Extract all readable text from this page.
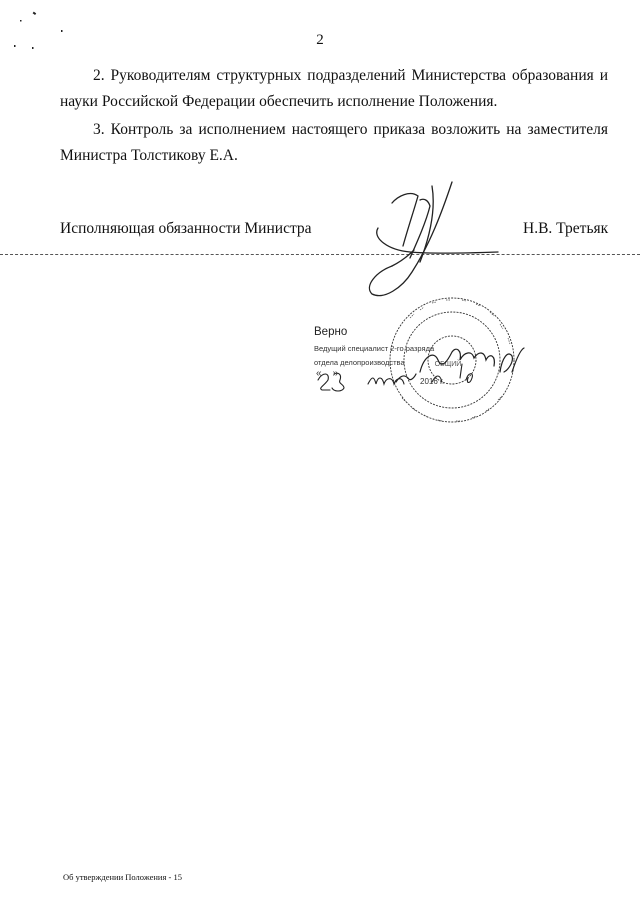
2
2. Руководителям структурных подразделений Министерства образования и науки Российской Федерации обеспечить исполнение Положения.
3. Контроль за исполнением настоящего приказа возложить на заместителя Министра Толстикову Е.А.
Исполняющая обязанности Министра	Н.В. Третьяк
Верно
Ведущий специалист 2-го разряда
отдела делопроизводства	ОБЩИЙ
2016 г.
«    »
Об утверждении Положения - 15
